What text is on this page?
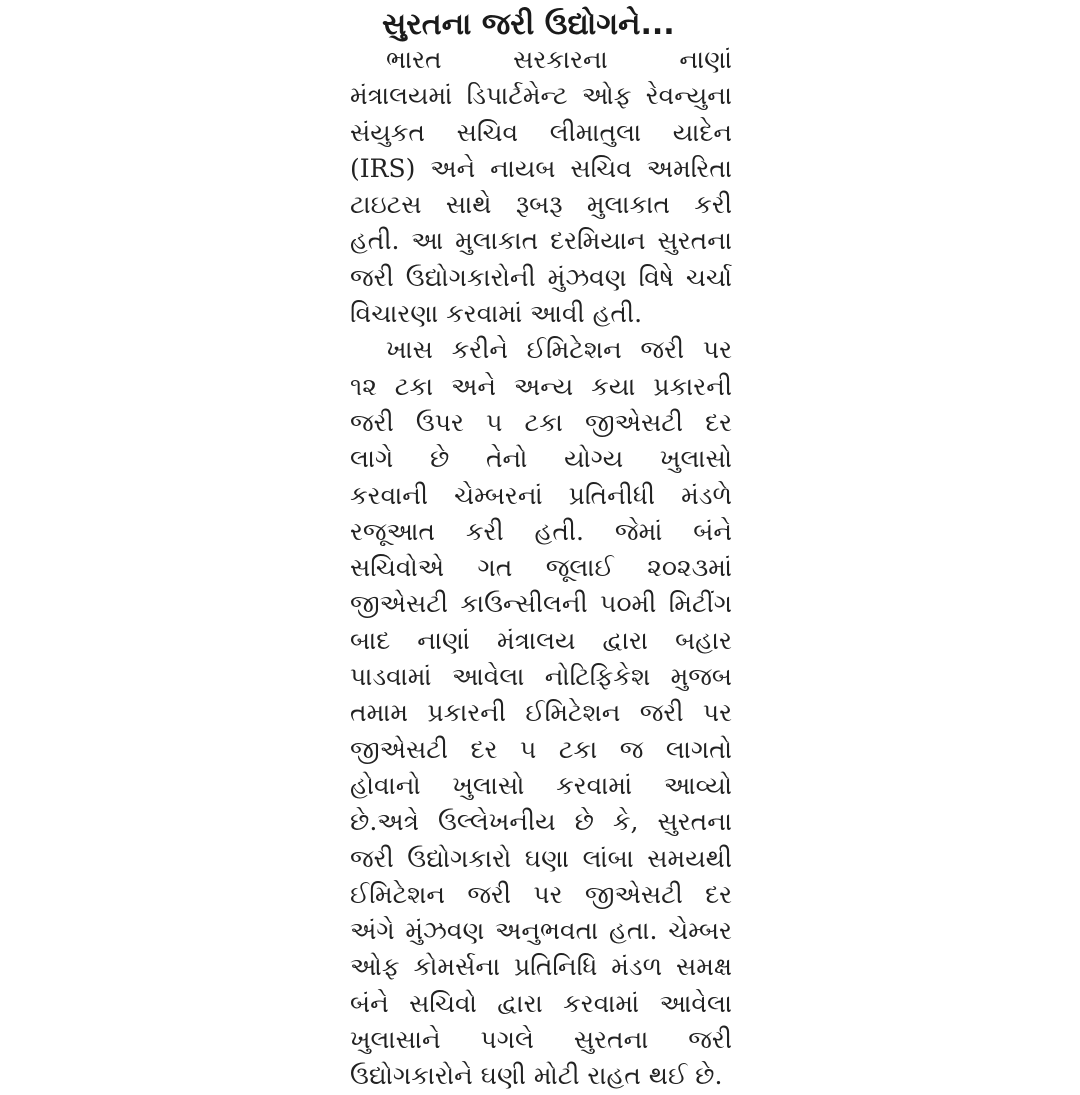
સુરતના જરી ઉદ્યોગને...
ભારત સરકારના નાણાં
મંત્રાલયમાં ડિપાર્ટમેન્ટ ઓફ રેવન્યુના
સંયુકત સચિવ લીમાતુલા યાદેન
(IRS) અને નાયબ સચિવ અમરિતા
ટાઇટસ સાથે રૂબરૂ મુલાકાત કરી
હતી. આ મુલાકાત દરમિયાન સુરતના
જરી ઉદ્યોગકારોની મુંઝવણ વિષે ચર્ચા
વિચારણા કરવામાં આવી હતી.
ખાસ કરીને ઈમિટેશન જરી પર
૧૨ ટકા અને અન્ય કયા પ્રકારની
જરી ઉપર ૫ ટકા જીએસટી દર
લાગે છે તેનો યોગ્ય ખુલાસો
કરવાની ચેમ્બરનાં પ્રતિનીધી મંડળે
રજૂઆત કરી હતી. જેમાં બંને
સચિવોએ ગત જૂલાઈ ૨૦૨૩માં
જીએસટી કાઉન્સીલની ૫૦મી મિટીંગ
બાદ નાણાં મંત્રાલય દ્વારા બહાર
પાડવામાં આવેલા નોટિફિકેશ મુજબ
તમામ પ્રકારની ઈમિટેશન જરી પર
જીએસટી દર ૫ ટકા જ લાગતો
હોવાનો ખુલાસો કરવામાં આવ્યો
છે.અત્રે ઉલ્લેખનીય છે કે, સુરતના
જરી ઉદ્યોગકારો ઘણા લાંબા સમયથી
ઈમિટેશન જરી પર જીએસટી દર
અંગે મુંઝવણ અનુભવતા હતા. ચેમ્બર
ઓફ કોમર્સના પ્રતિનિધિ મંડળ સમક્ષ
બંને સચિવો દ્વારા કરવામાં આવેલા
ખુલાસાને પગલે સુરતના જરી
ઉદ્યોગકારોને ઘણી મોટી રાહત થઈ છે.
